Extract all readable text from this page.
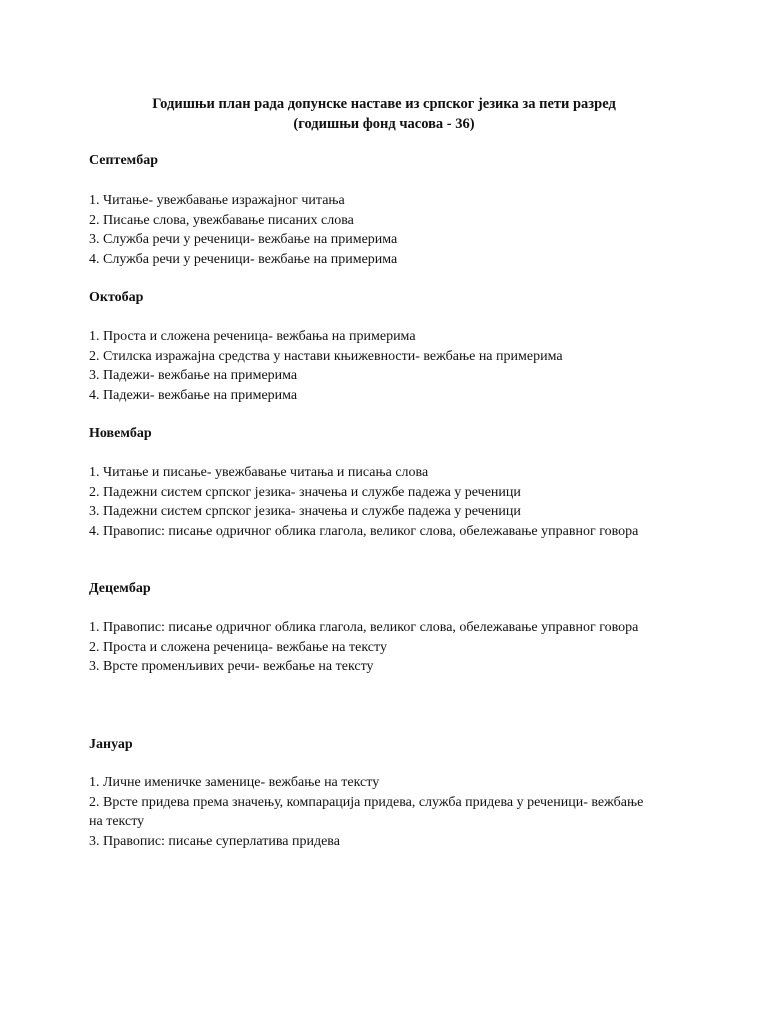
Годишњи план рада допунске наставе из српског језика за пети разред
(годишњи фонд часова - 36)
Септембар
1. Читање- увежбавање изражајног читања
2. Писање слова, увежбавање писаних слова
3. Служба речи у реченици- вежбање на примерима
4. Служба речи у реченици- вежбање на примерима
Октобар
1. Проста и сложена реченица- вежбања на примерима
2. Стилска изражајна средства у настави књижевности- вежбање на примерима
3. Падежи- вежбање на примерима
4. Падежи- вежбање на примерима
Новембар
1. Читање и писање- увежбавање читања и писања слова
2. Падежни систем српског језика- значења и службе падежа у реченици
3. Падежни систем српског језика- значења и службе падежа у реченици
4. Правопис: писање одричног облика глагола, великог слова, обележавање управног говора
Децембар
1. Правопис: писање одричног облика глагола, великог слова, обележавање управног говора
2. Проста и сложена реченица- вежбање на тексту
3. Врсте променљивих речи- вежбање на тексту
Јануар
1. Личне именичке заменице- вежбање на тексту
2. Врсте придева према значењу, компарација придева, служба придева у реченици- вежбање на тексту
3. Правопис: писање суперлатива придева
